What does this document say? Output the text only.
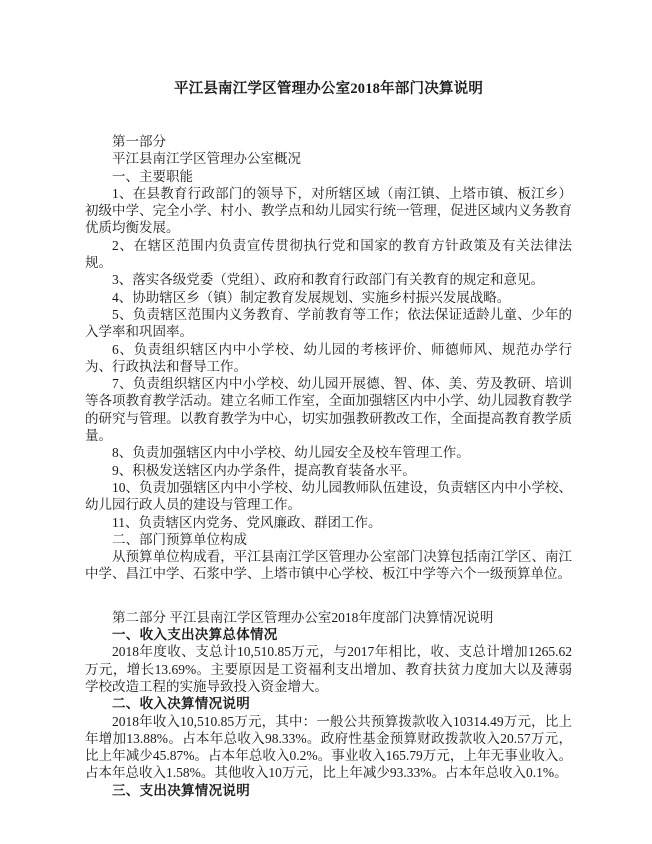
平江县南江学区管理办公室2018年部门决算说明

第一部分

平江县南江学区管理办公室概况

一、主要职能

1、在县教育行政部门的领导下，对所辖区域（南江镇、上塔市镇、板江乡）初级中学、完全小学、村小、教学点和幼儿园实行统一管理，促进区域内义务教育优质均衡发展。

2、在辖区范围内负责宣传贯彻执行党和国家的教育方针政策及有关法律法规。

3、落实各级党委（党组）、政府和教育行政部门有关教育的规定和意见。

4、协助辖区乡（镇）制定教育发展规划、实施乡村振兴发展战略。

5、负责辖区范围内义务教育、学前教育等工作；依法保证适龄儿童、少年的入学率和巩固率。

6、负责组织辖区内中小学校、幼儿园的考核评价、师德师风、规范办学行为、行政执法和督导工作。

7、负责组织辖区内中小学校、幼儿园开展德、智、体、美、劳及教研、培训等各项教育教学活动。建立名师工作室，全面加强辖区内中小学、幼儿园教育教学的研究与管理。以教育教学为中心，切实加强教研教改工作，全面提高教育教学质量。

8、负责加强辖区内中小学校、幼儿园安全及校车管理工作。

9、积极发送辖区内办学条件，提高教育装备水平。

10、负责加强辖区内中小学校、幼儿园教师队伍建设，负责辖区内中小学校、幼儿园行政人员的建设与管理工作。

11、负责辖区内党务、党风廉政、群团工作。

二、部门预算单位构成

从预算单位构成看，平江县南江学区管理办公室部门决算包括南江学区、南江中学、昌江中学、石浆中学、上塔市镇中心学校、板江中学等六个一级预算单位。

第二部分 平江县南江学区管理办公室2018年度部门决算情况说明

一、收入支出决算总体情况

2018年度收、支总计10,510.85万元，与2017年相比，收、支总计增加1265.62万元，增长13.69%。主要原因是工资福利支出增加、教育扶贫力度加大以及薄弱学校改造工程的实施导致投入资金增大。

二、收入决算情况说明

2018年收入10,510.85万元，其中：一般公共预算拨款收入10314.49万元，比上年增加13.88%。占本年总收入98.33%。政府性基金预算财政拨款收入20.57万元，比上年减少45.87%。占本年总收入0.2%。事业收入165.79万元，上年无事业收入。占本年总收入1.58%。其他收入10万元，比上年减少93.33%。占本年总收入0.1%。

三、支出决算情况说明
